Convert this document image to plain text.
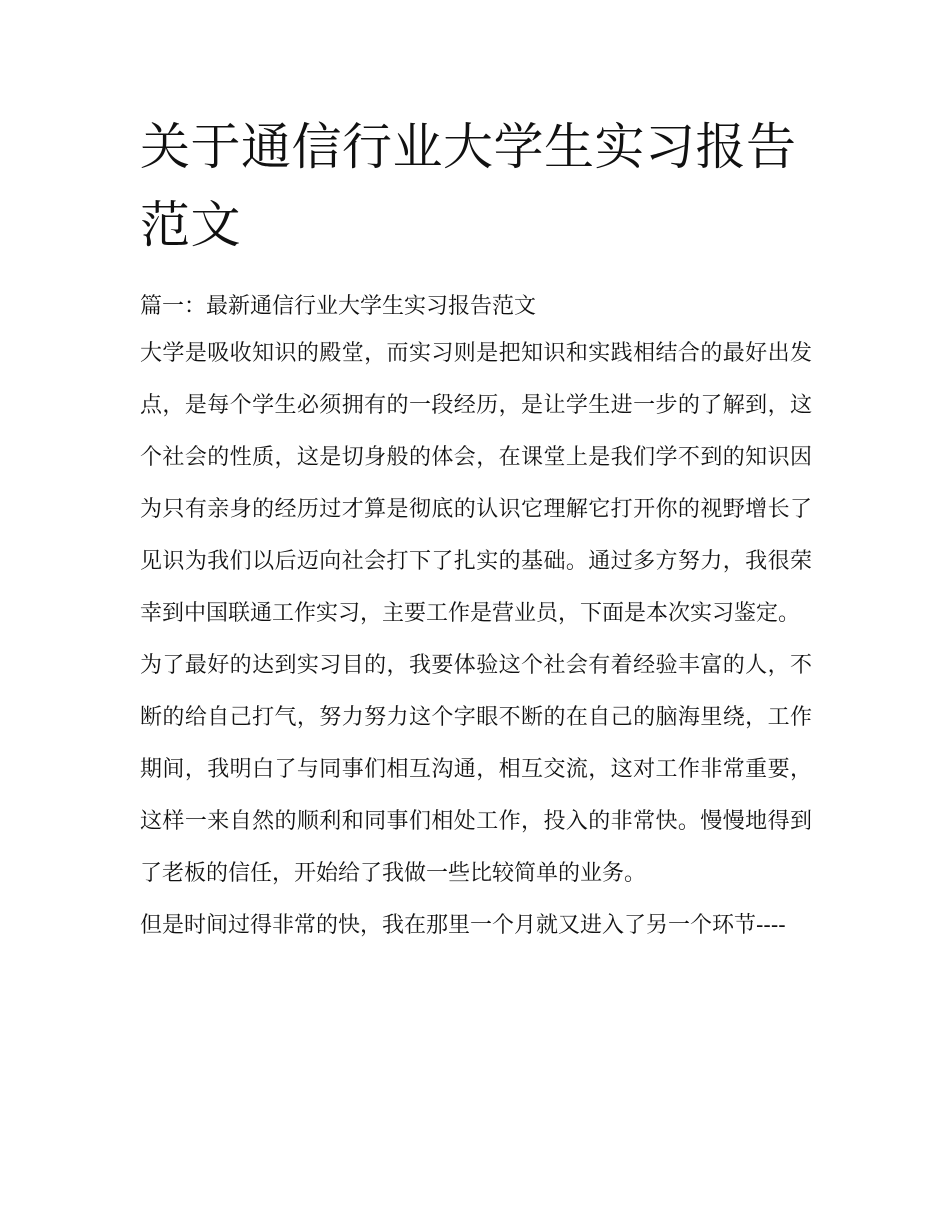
关于通信行业大学生实习报告范文

篇一：最新通信行业大学生实习报告范文

大学是吸收知识的殿堂，而实习则是把知识和实践相结合的最好出发点，是每个学生必须拥有的一段经历，是让学生进一步的了解到，这个社会的性质，这是切身般的体会，在课堂上是我们学不到的知识因为只有亲身的经历过才算是彻底的认识它理解它打开你的视野增长了见识为我们以后迈向社会打下了扎实的基础。通过多方努力，我很荣幸到中国联通工作实习，主要工作是营业员，下面是本次实习鉴定。

为了最好的达到实习目的，我要体验这个社会有着经验丰富的人，不断的给自己打气，努力努力这个字眼不断的在自己的脑海里绕，工作期间，我明白了与同事们相互沟通，相互交流，这对工作非常重要，这样一来自然的顺利和同事们相处工作，投入的非常快。慢慢地得到了老板的信任，开始给了我做一些比较简单的业务。

但是时间过得非常的快，我在那里一个月就又进入了另一个环节----
